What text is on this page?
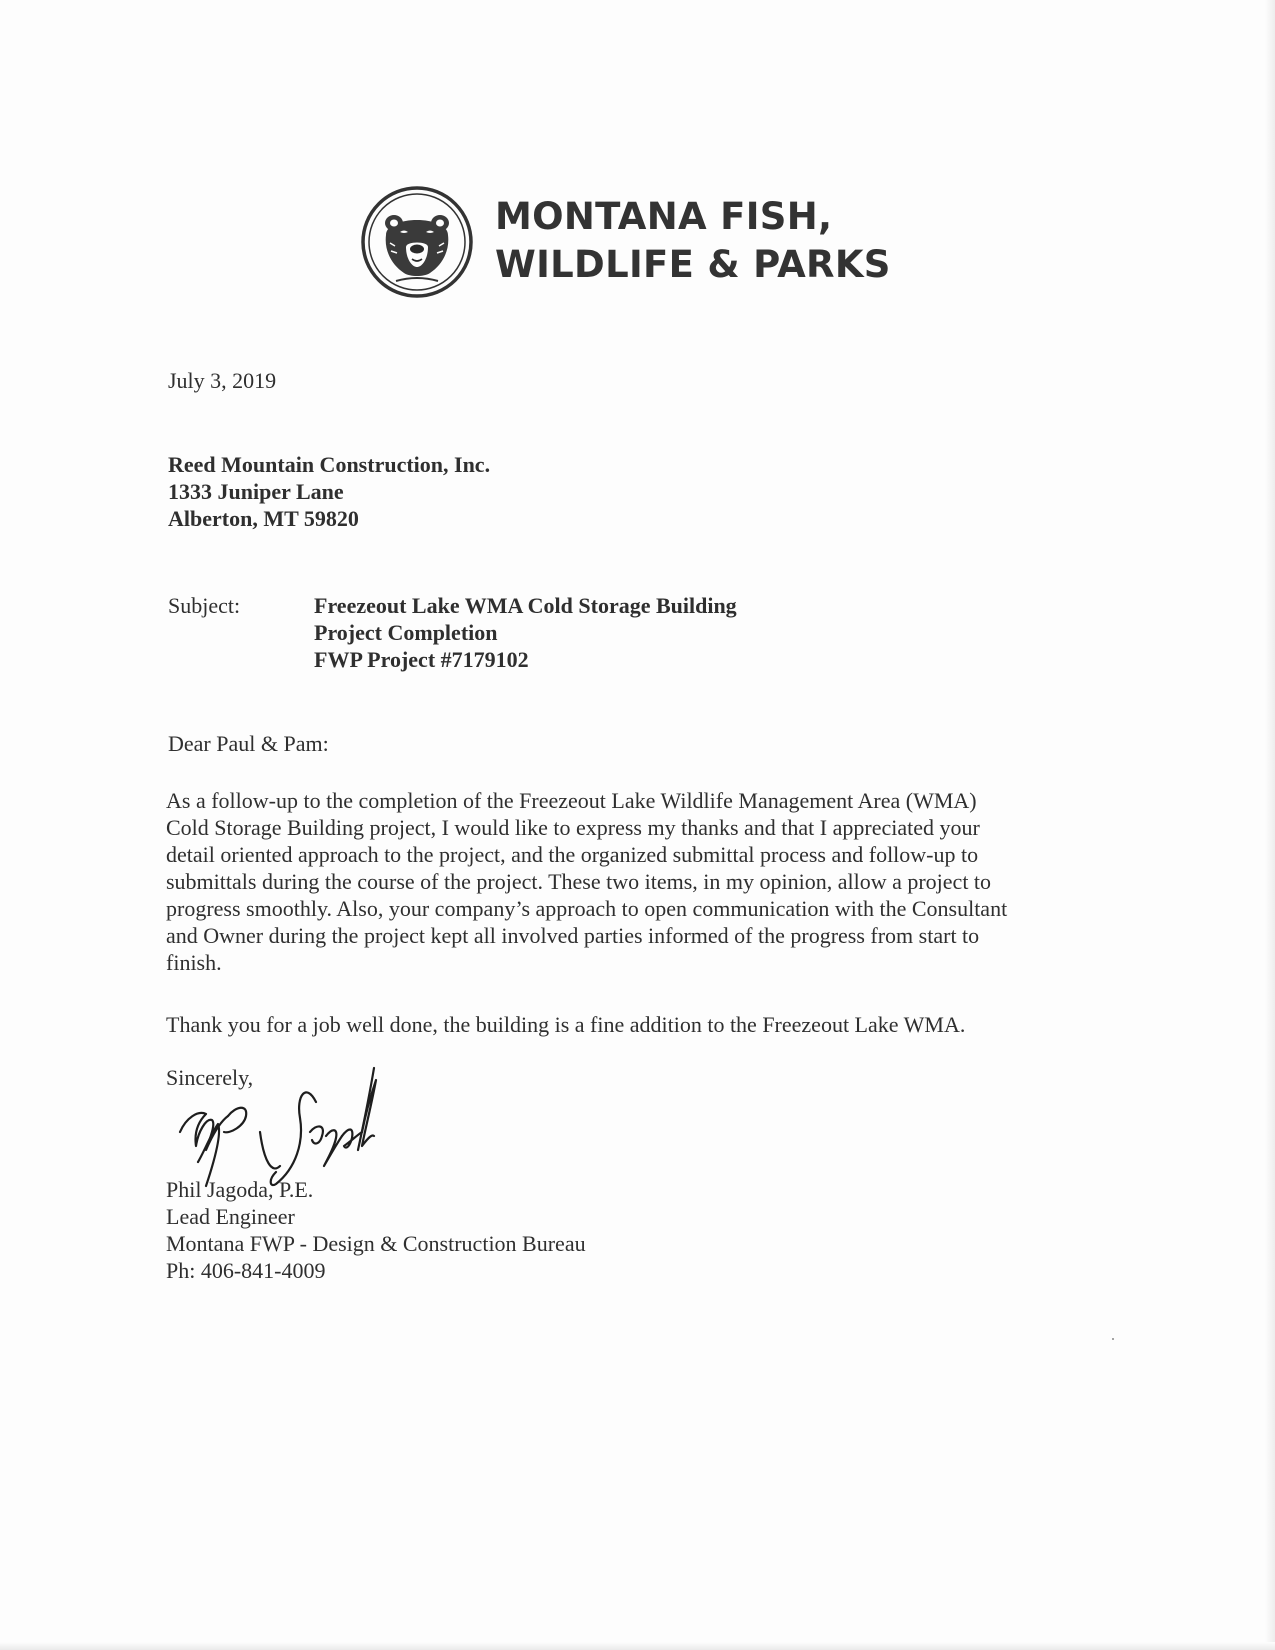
MONTANA FISH,
WILDLIFE & PARKS
July 3, 2019
Reed Mountain Construction, Inc.
1333 Juniper Lane
Alberton, MT 59820
Subject:	Freezeout Lake WMA Cold Storage Building
Project Completion
FWP Project #7179102
Dear Paul & Pam:
As a follow-up to the completion of the Freezeout Lake Wildlife Management Area (WMA)
Cold Storage Building project, I would like to express my thanks and that I appreciated your
detail oriented approach to the project, and the organized submittal process and follow-up to
submittals during the course of the project. These two items, in my opinion, allow a project to
progress smoothly. Also, your company’s approach to open communication with the Consultant
and Owner during the project kept all involved parties informed of the progress from start to
finish.
Thank you for a job well done, the building is a fine addition to the Freezeout Lake WMA.
Sincerely,
Phil Jagoda, P.E.
Lead Engineer
Montana FWP - Design & Construction Bureau
Ph: 406-841-4009
